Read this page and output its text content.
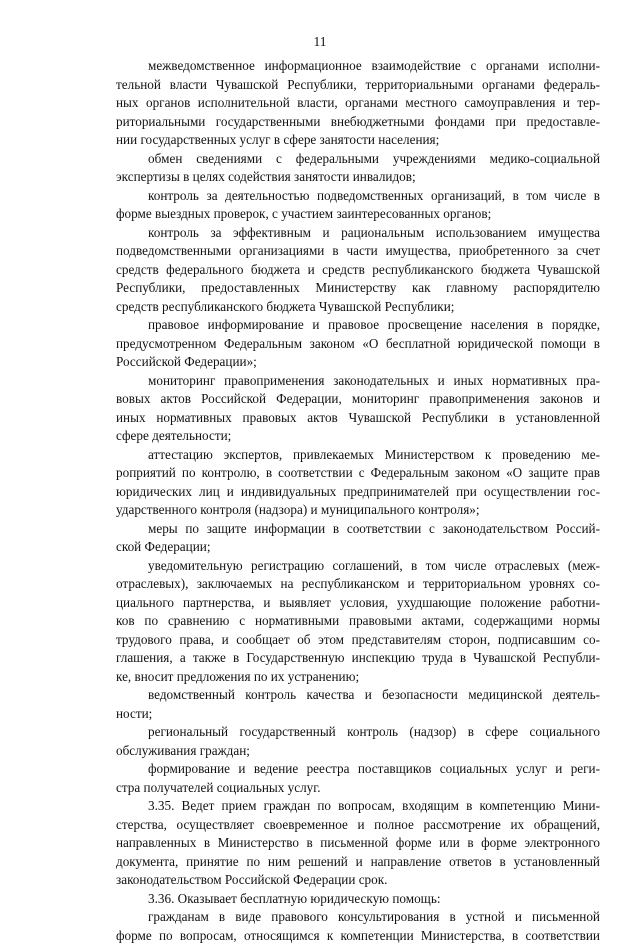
11

межведомственное информационное взаимодействие с органами исполни-
тельной власти Чувашской Республики, территориальными органами федераль-
ных органов исполнительной власти, органами местного самоуправления и тер-
риториальными государственными внебюджетными фондами при предоставле-
нии государственных услуг в сфере занятости населения;

обмен сведениями с федеральными учреждениями медико-социальной
экспертизы в целях содействия занятости инвалидов;

контроль за деятельностью подведомственных организаций, в том числе в
форме выездных проверок, с участием заинтересованных органов;

контроль за эффективным и рациональным использованием имущества
подведомственными организациями в части имущества, приобретенного за счет
средств федерального бюджета и средств республиканского бюджета Чувашской
Республики, предоставленных Министерству как главному распорядителю
средств республиканского бюджета Чувашской Республики;

правовое информирование и правовое просвещение населения в порядке,
предусмотренном Федеральным законом «О бесплатной юридической помощи в
Российской Федерации»;

мониторинг правоприменения законодательных и иных нормативных пра-
вовых актов Российской Федерации, мониторинг правоприменения законов и
иных нормативных правовых актов Чувашской Республики в установленной
сфере деятельности;

аттестацию экспертов, привлекаемых Министерством к проведению ме-
роприятий по контролю, в соответствии с Федеральным законом «О защите прав
юридических лиц и индивидуальных предпринимателей при осуществлении гос-
ударственного контроля (надзора) и муниципального контроля»;

меры по защите информации в соответствии с законодательством Россий-
ской Федерации;

уведомительную регистрацию соглашений, в том числе отраслевых (меж-
отраслевых), заключаемых на республиканском и территориальном уровнях со-
циального партнерства, и выявляет условия, ухудшающие положение работни-
ков по сравнению с нормативными правовыми актами, содержащими нормы
трудового права, и сообщает об этом представителям сторон, подписавшим со-
глашения, а также в Государственную инспекцию труда в Чувашской Республи-
ке, вносит предложения по их устранению;

ведомственный контроль качества и безопасности медицинской деятель-
ности;

региональный государственный контроль (надзор) в сфере социального
обслуживания граждан;

формирование и ведение реестра поставщиков социальных услуг и реги-
стра получателей социальных услуг.

3.35. Ведет прием граждан по вопросам, входящим в компетенцию Мини-
стерства, осуществляет своевременное и полное рассмотрение их обращений,
направленных в Министерство в письменной форме или в форме электронного
документа, принятие по ним решений и направление ответов в установленный
законодательством Российской Федерации срок.

3.36. Оказывает бесплатную юридическую помощь:

гражданам в виде правового консультирования в устной и письменной
форме по вопросам, относящимся к компетенции Министерства, в соответствии
